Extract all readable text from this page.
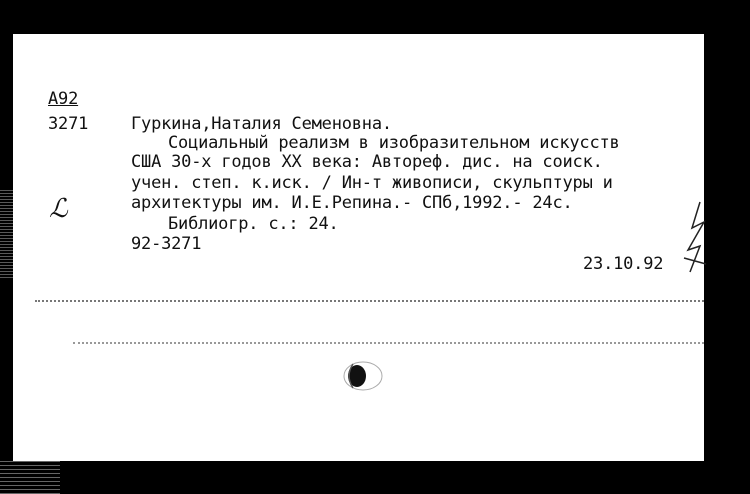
А92
3271	Гуркина,Наталия Семеновна.
Социальный реализм в изобразительном искусств
США 30-х годов XX века: Автореф. дис. на соиск.
учен. степ. к.иск. / Ин-т живописи, скульптуры и
архитектуры им. И.Е.Репина.- СПб,1992.- 24с.
Библиогр. с.: 24.
92-3271
23.10.92
ℒ
